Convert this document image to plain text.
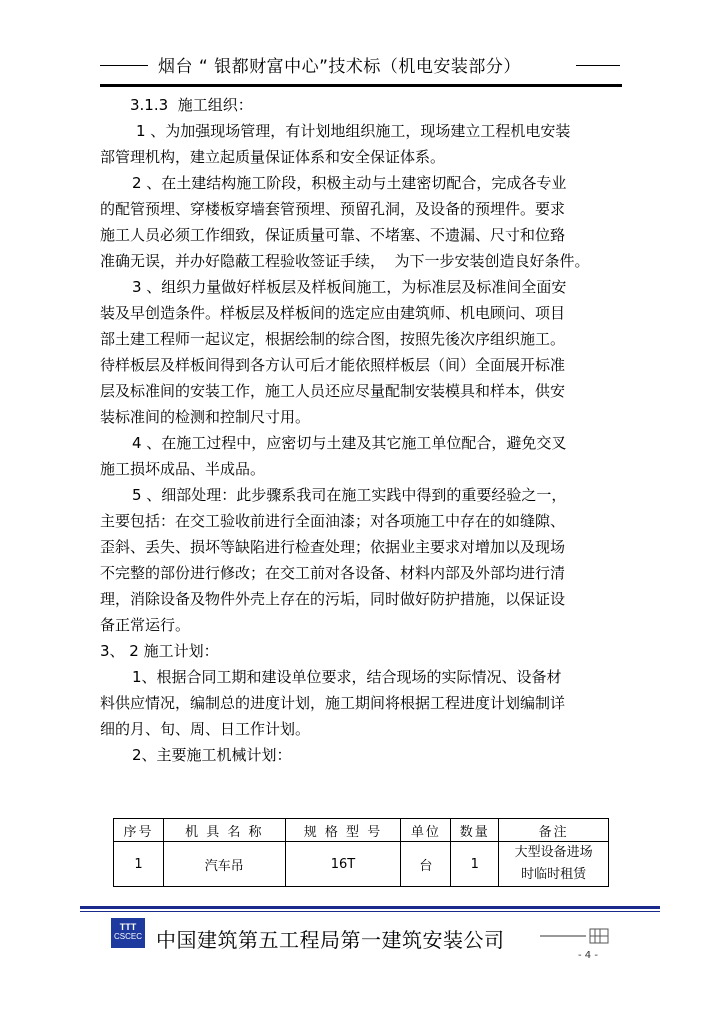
烟台 “ 银都财富中心”技术标（机电安装部分）

3.1.3  施工组织：

1 、为加强现场管理，有计划地组织施工，现场建立工程机电安装

部管理机构，建立起质量保证体系和安全保证体系。

2 、在土建结构施工阶段，积极主动与土建密切配合，完成各专业

的配管预埋、穿楼板穿墙套管预埋、预留孔洞，及设备的预埋件。要求

施工人员必须工作细致，保证质量可靠、不堵塞、不遗漏、尺寸和位臵

准确无误，并办好隐蔽工程验收签证手续，  为下一步安装创造良好条件。

3 、组织力量做好样板层及样板间施工，为标准层及标准间全面安

装及早创造条件。样板层及样板间的选定应由建筑师、机电顾问、项目

部土建工程师一起议定，根据绘制的综合图，按照先後次序组织施工。

待样板层及样板间得到各方认可后才能依照样板层（间）全面展开标准

层及标准间的安装工作，施工人员还应尽量配制安装模具和样本，供安

装标准间的检测和控制尺寸用。

4 、在施工过程中，应密切与土建及其它施工单位配合，避免交叉

施工损坏成品、半成品。

5 、细部处理：此步骤系我司在施工实践中得到的重要经验之一，

主要包括：在交工验收前进行全面油漆；对各项施工中存在的如缝隙、

歪斜、丢失、损坏等缺陷进行检查处理；依据业主要求对增加以及现场

不完整的部份进行修改；在交工前对各设备、材料内部及外部均进行清

理，消除设备及物件外壳上存在的污垢，同时做好防护措施，以保证设

备正常运行。

3、 2 施工计划：

1、根据合同工期和建设单位要求，结合现场的实际情况、设备材

料供应情况，编制总的进度计划，施工期间将根据工程进度计划编制详

细的月、旬、周、日工作计划。

2、主要施工机械计划：

序号	机 具 名 称	规 格 型 号	单位	数量	备注
1	汽车吊	16T	台	1	大型设备进场
时临时租赁
TTT
CSCEC 中国建筑第五工程局第一建筑安装公司
- 4 -
